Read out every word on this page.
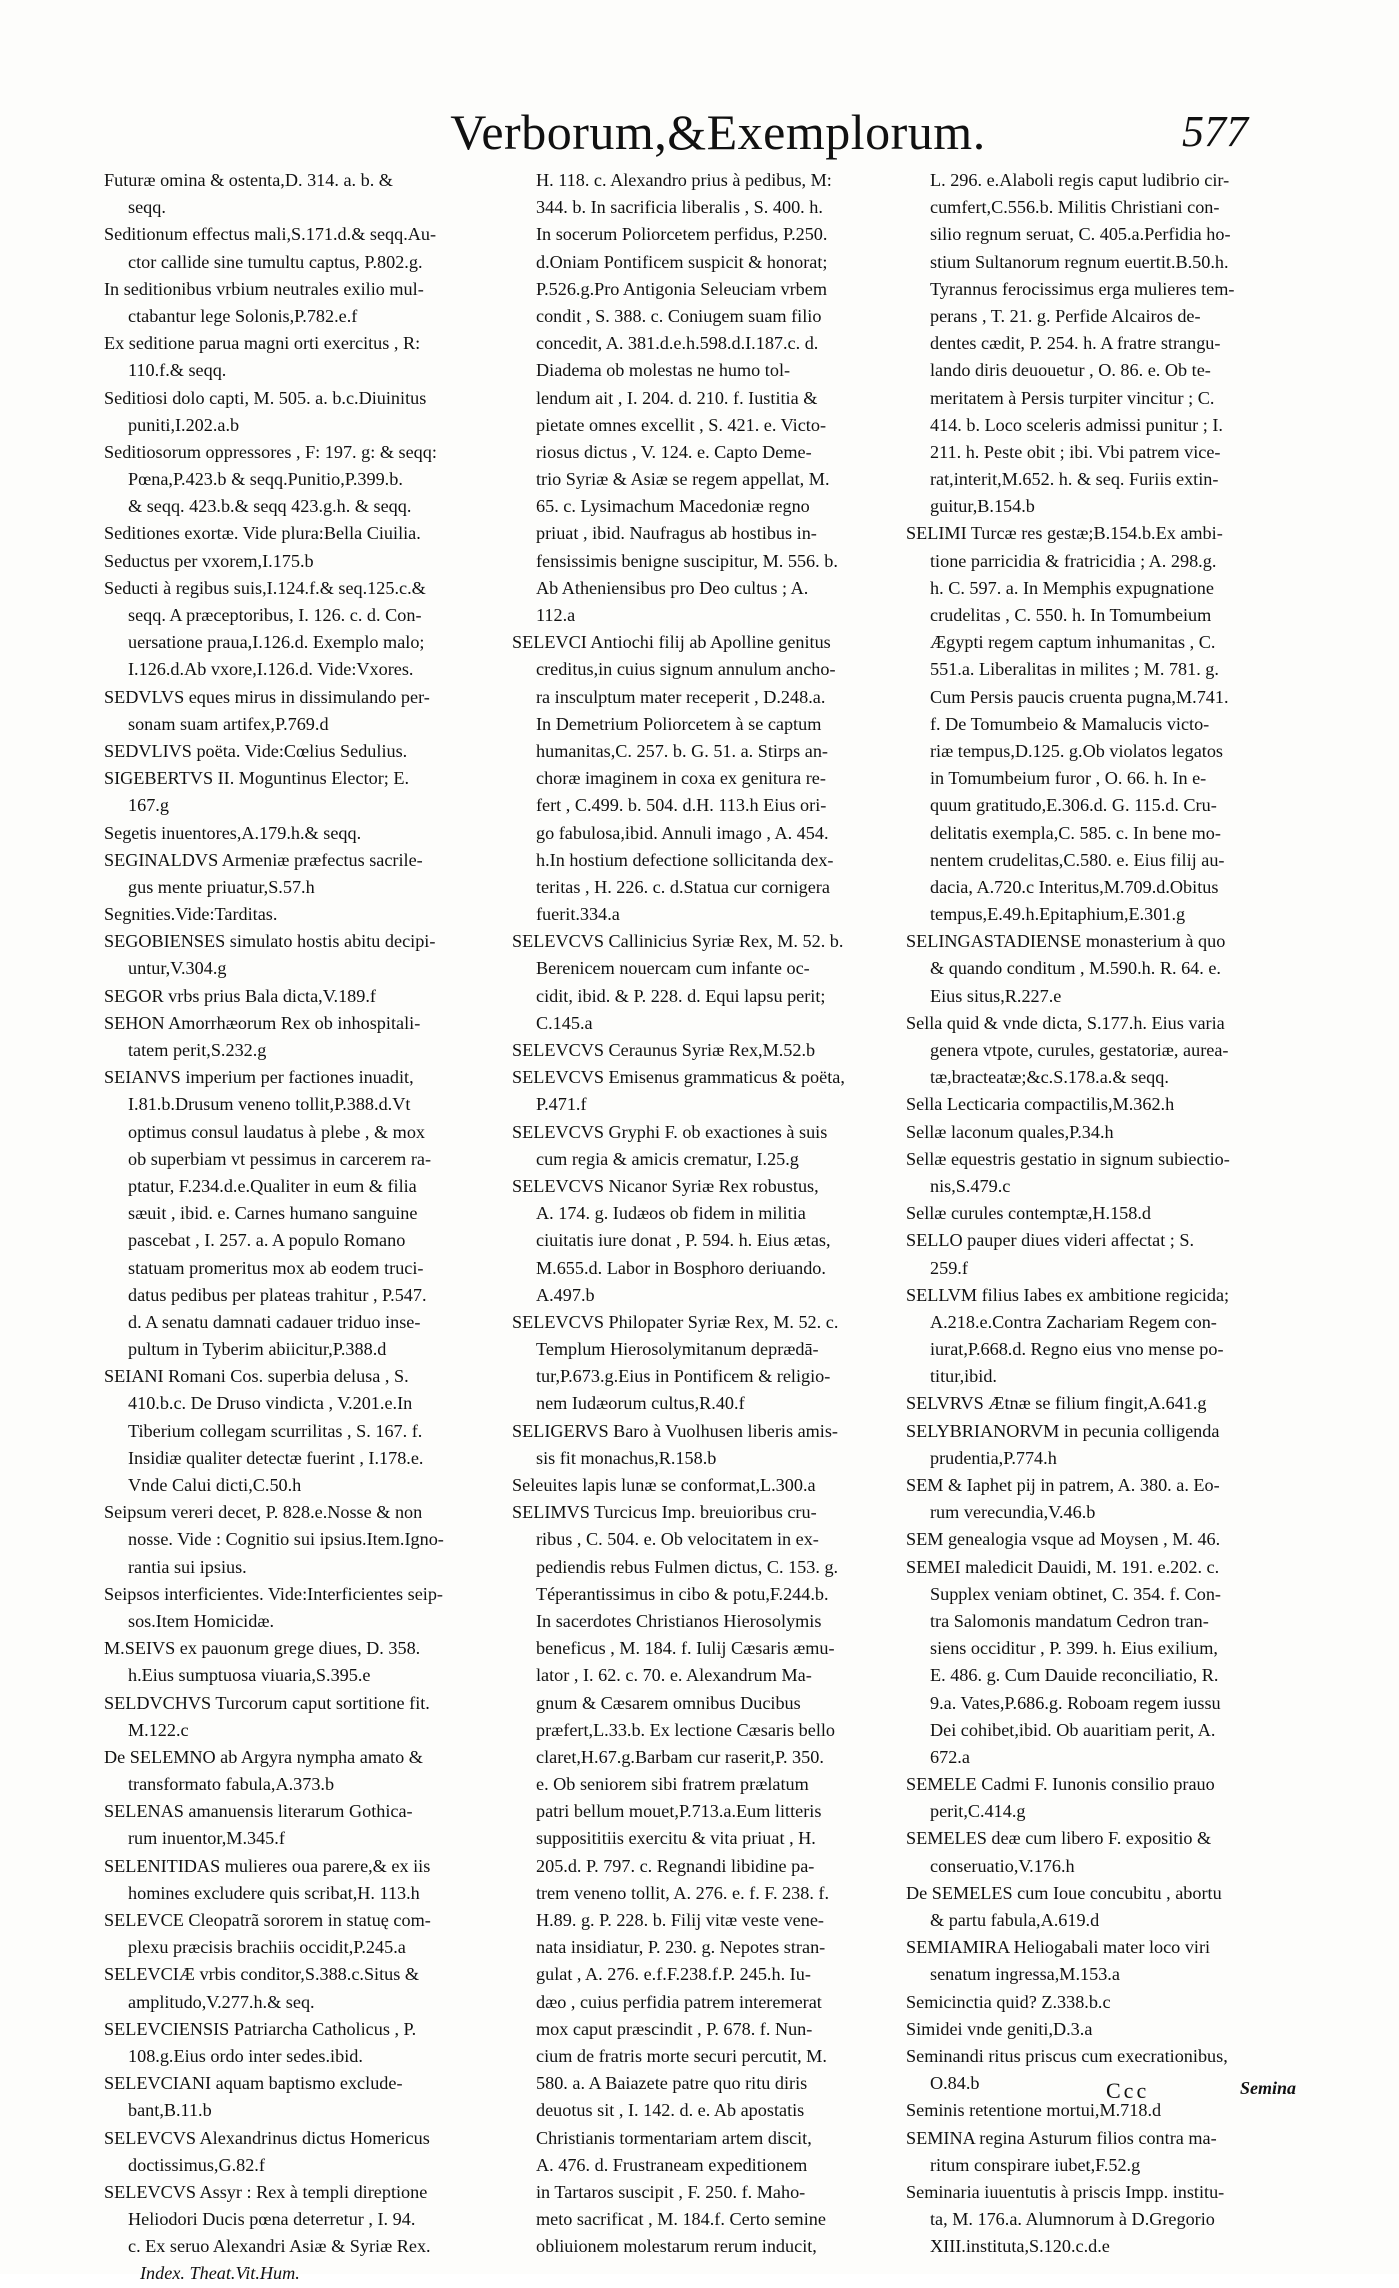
Verborum,&Exemplorum.	577
Futuræ omina & ostenta,D. 314. a. b. &
seqq.
Seditionum effectus mali,S.171.d.& seqq.Au-
ctor callide sine tumultu captus, P.802.g.
In seditionibus vrbium neutrales exilio mul-
ctabantur lege Solonis,P.782.e.f
Ex seditione parua magni orti exercitus , R:
110.f.& seqq.
Seditiosi dolo capti, M. 505. a. b.c.Diuinitus
puniti,I.202.a.b
Seditiosorum oppressores , F: 197. g: & seqq:
Pœna,P.423.b & seqq.Punitio,P.399.b.
& seqq. 423.b.& seqq 423.g.h. & seqq.
Seditiones exortæ. Vide plura:Bella Ciuilia.
Seductus per vxorem,I.175.b
Seducti à regibus suis,I.124.f.& seq.125.c.&
seqq. A præceptoribus, I. 126. c. d. Con-
uersatione praua,I.126.d. Exemplo malo;
I.126.d.Ab vxore,I.126.d. Vide:Vxores.
SEDVLVS eques mirus in dissimulando per-
sonam suam artifex,P.769.d
SEDVLIVS poëta. Vide:Cœlius Sedulius.
SIGEBERTVS II. Moguntinus Elector; E.
167.g
Segetis inuentores,A.179.h.& seqq.
SEGINALDVS Armeniæ præfectus sacrile-
gus mente priuatur,S.57.h
Segnities.Vide:Tarditas.
SEGOBIENSES simulato hostis abitu decipi-
untur,V.304.g
SEGOR vrbs prius Bala dicta,V.189.f
SEHON Amorrhæorum Rex ob inhospitali-
tatem perit,S.232.g
SEIANVS imperium per factiones inuadit,
I.81.b.Drusum veneno tollit,P.388.d.Vt
optimus consul laudatus à plebe , & mox
ob superbiam vt pessimus in carcerem ra-
ptatur, F.234.d.e.Qualiter in eum & filia
sæuit , ibid. e. Carnes humano sanguine
pascebat , I. 257. a. A populo Romano
statuam promeritus mox ab eodem truci-
datus pedibus per plateas trahitur , P.547.
d. A senatu damnati cadauer triduo inse-
pultum in Tyberim abiicitur,P.388.d
SEIANI Romani Cos. superbia delusa , S.
410.b.c. De Druso vindicta , V.201.e.In
Tiberium collegam scurrilitas , S. 167. f.
Insidiæ qualiter detectæ fuerint , I.178.e.
Vnde Calui dicti,C.50.h
Seipsum vereri decet, P. 828.e.Nosse & non
nosse. Vide : Cognitio sui ipsius.Item.Igno-
rantia sui ipsius.
Seipsos interficientes. Vide:Interficientes seip-
sos.Item Homicidæ.
M.SEIVS ex pauonum grege diues, D. 358.
h.Eius sumptuosa viuaria,S.395.e
SELDVCHVS Turcorum caput sortitione fit.
M.122.c
De SELEMNO ab Argyra nympha amato &
transformato fabula,A.373.b
SELENAS amanuensis literarum Gothica-
rum inuentor,M.345.f
SELENITIDAS mulieres oua parere,& ex iis
homines excludere quis scribat,H. 113.h
SELEVCE Cleopatrã sororem in statuę com-
plexu præcisis brachiis occidit,P.245.a
SELEVCIÆ vrbis conditor,S.388.c.Situs &
amplitudo,V.277.h.& seq.
SELEVCIENSIS Patriarcha Catholicus , P.
108.g.Eius ordo inter sedes.ibid.
SELEVCIANI aquam baptismo exclude-
bant,B.11.b
SELEVCVS Alexandrinus dictus Homericus
doctissimus,G.82.f
SELEVCVS Assyr : Rex à templi direptione
Heliodori Ducis pœna deterretur , I. 94.
c. Ex seruo Alexandri Asiæ & Syriæ Rex.
Index. Theat.Vit.Hum.
H. 118. c. Alexandro prius à pedibus, M:
344. b. In sacrificia liberalis , S. 400. h.
In socerum Poliorcetem perfidus, P.250.
d.Oniam Pontificem suspicit & honorat;
P.526.g.Pro Antigonia Seleuciam vrbem
condit , S. 388. c. Coniugem suam filio
concedit, A. 381.d.e.h.598.d.I.187.c. d.
Diadema ob molestas ne humo tol-
lendum ait , I. 204. d. 210. f. Iustitia &
pietate omnes excellit , S. 421. e. Victo-
riosus dictus , V. 124. e. Capto Deme-
trio Syriæ & Asiæ se regem appellat, M.
65. c. Lysimachum Macedoniæ regno
priuat , ibid. Naufragus ab hostibus in-
fensissimis benigne suscipitur, M. 556. b.
Ab Atheniensibus pro Deo cultus ; A.
112.a
SELEVCI Antiochi filij ab Apolline genitus
creditus,in cuius signum annulum ancho-
ra insculptum mater receperit , D.248.a.
In Demetrium Poliorcetem à se captum
humanitas,C. 257. b. G. 51. a. Stirps an-
choræ imaginem in coxa ex genitura re-
fert , C.499. b. 504. d.H. 113.h Eius ori-
go fabulosa,ibid. Annuli imago , A. 454.
h.In hostium defectione sollicitanda dex-
teritas , H. 226. c. d.Statua cur cornigera
fuerit.334.a
SELEVCVS Callinicius Syriæ Rex, M. 52. b.
Berenicem nouercam cum infante oc-
cidit, ibid. & P. 228. d. Equi lapsu perit;
C.145.a
SELEVCVS Ceraunus Syriæ Rex,M.52.b
SELEVCVS Emisenus grammaticus & poëta,
P.471.f
SELEVCVS Gryphi F. ob exactiones à suis
cum regia & amicis crematur, I.25.g
SELEVCVS Nicanor Syriæ Rex robustus,
A. 174. g. Iudæos ob fidem in militia
ciuitatis iure donat , P. 594. h. Eius ætas,
M.655.d. Labor in Bosphoro deriuando.
A.497.b
SELEVCVS Philopater Syriæ Rex, M. 52. c.
Templum Hierosolymitanum deprædā-
tur,P.673.g.Eius in Pontificem & religio-
nem Iudæorum cultus,R.40.f
SELIGERVS Baro à Vuolhusen liberis amis-
sis fit monachus,R.158.b
Seleuites lapis lunæ se conformat,L.300.a
SELIMVS Turcicus Imp. breuioribus cru-
ribus , C. 504. e. Ob velocitatem in ex-
pediendis rebus Fulmen dictus, C. 153. g.
Téperantissimus in cibo & potu,F.244.b.
In sacerdotes Christianos Hierosolymis
beneficus , M. 184. f. Iulij Cæsaris æmu-
lator , I. 62. c. 70. e. Alexandrum Ma-
gnum & Cæsarem omnibus Ducibus
præfert,L.33.b. Ex lectione Cæsaris bello
claret,H.67.g.Barbam cur raserit,P. 350.
e. Ob seniorem sibi fratrem prælatum
patri bellum mouet,P.713.a.Eum litteris
supposititiis exercitu & vita priuat , H.
205.d. P. 797. c. Regnandi libidine pa-
trem veneno tollit, A. 276. e. f. F. 238. f.
H.89. g. P. 228. b. Filij vitæ veste vene-
nata insidiatur, P. 230. g. Nepotes stran-
gulat , A. 276. e.f.F.238.f.P. 245.h. Iu-
dæo , cuius perfidia patrem interemerat
mox caput præscindit , P. 678. f. Nun-
cium de fratris morte securi percutit, M.
580. a. A Baiazete patre quo ritu diris
deuotus sit , I. 142. d. e. Ab apostatis
Christianis tormentariam artem discit,
A. 476. d. Frustraneam expeditionem
in Tartaros suscipit , F. 250. f. Maho-
meto sacrificat , M. 184.f. Certo semine
obliuionem molestarum rerum inducit,
L. 296. e.Alaboli regis caput ludibrio cir-
cumfert,C.556.b. Militis Christiani con-
silio regnum seruat, C. 405.a.Perfidia ho-
stium Sultanorum regnum euertit.B.50.h.
Tyrannus ferocissimus erga mulieres tem-
perans , T. 21. g. Perfide Alcairos de-
dentes cædit, P. 254. h. A fratre strangu-
lando diris deuouetur , O. 86. e. Ob te-
meritatem à Persis turpiter vincitur ; C.
414. b. Loco sceleris admissi punitur ; I.
211. h. Peste obit ; ibi. Vbi patrem vice-
rat,interit,M.652. h. & seq. Furiis extin-
guitur,B.154.b
SELIMI Turcæ res gestæ;B.154.b.Ex ambi-
tione parricidia & fratricidia ; A. 298.g.
h. C. 597. a. In Memphis expugnatione
crudelitas , C. 550. h. In Tomumbeium
Ægypti regem captum inhumanitas , C.
551.a. Liberalitas in milites ; M. 781. g.
Cum Persis paucis cruenta pugna,M.741.
f. De Tomumbeio & Mamalucis victo-
riæ tempus,D.125. g.Ob violatos legatos
in Tomumbeium furor , O. 66. h. In e-
quum gratitudo,E.306.d. G. 115.d. Cru-
delitatis exempla,C. 585. c. In bene mo-
nentem crudelitas,C.580. e. Eius filij au-
dacia, A.720.c Interitus,M.709.d.Obitus
tempus,E.49.h.Epitaphium,E.301.g
SELINGASTADIENSE monasterium à quo
& quando conditum , M.590.h. R. 64. e.
Eius situs,R.227.e
Sella quid & vnde dicta, S.177.h. Eius varia
genera vtpote, curules, gestatoriæ, aurea-
tæ,bracteatæ;&c.S.178.a.& seqq.
Sella Lecticaria compactilis,M.362.h
Sellæ laconum quales,P.34.h
Sellæ equestris gestatio in signum subiectio-
nis,S.479.c
Sellæ curules contemptæ,H.158.d
SELLO pauper diues videri affectat ; S.
259.f
SELLVM filius Iabes ex ambitione regicida;
A.218.e.Contra Zachariam Regem con-
iurat,P.668.d. Regno eius vno mense po-
titur,ibid.
SELVRVS Ætnæ se filium fingit,A.641.g
SELYBRIANORVM in pecunia colligenda
prudentia,P.774.h
SEM & Iaphet pij in patrem, A. 380. a. Eo-
rum verecundia,V.46.b
SEM genealogia vsque ad Moysen , M. 46.
SEMEI maledicit Dauidi, M. 191. e.202. c.
Supplex veniam obtinet, C. 354. f. Con-
tra Salomonis mandatum Cedron tran-
siens occiditur , P. 399. h. Eius exilium,
E. 486. g. Cum Dauide reconciliatio, R.
9.a. Vates,P.686.g. Roboam regem iussu
Dei cohibet,ibid. Ob auaritiam perit, A.
672.a
SEMELE Cadmi F. Iunonis consilio prauo
perit,C.414.g
SEMELES deæ cum libero F. expositio &
conseruatio,V.176.h
De SEMELES cum Ioue concubitu , abortu
& partu fabula,A.619.d
SEMIAMIRA Heliogabali mater loco viri
senatum ingressa,M.153.a
Semicinctia quid? Z.338.b.c
Simidei vnde geniti,D.3.a
Seminandi ritus priscus cum execrationibus,
O.84.b
Seminis retentione mortui,M.718.d
SEMINA regina Asturum filios contra ma-
ritum conspirare iubet,F.52.g
Seminaria iuuentutis à priscis Impp. institu-
ta, M. 176.a. Alumnorum à D.Gregorio
XIII.instituta,S.120.c.d.e
Ccc	Semina
